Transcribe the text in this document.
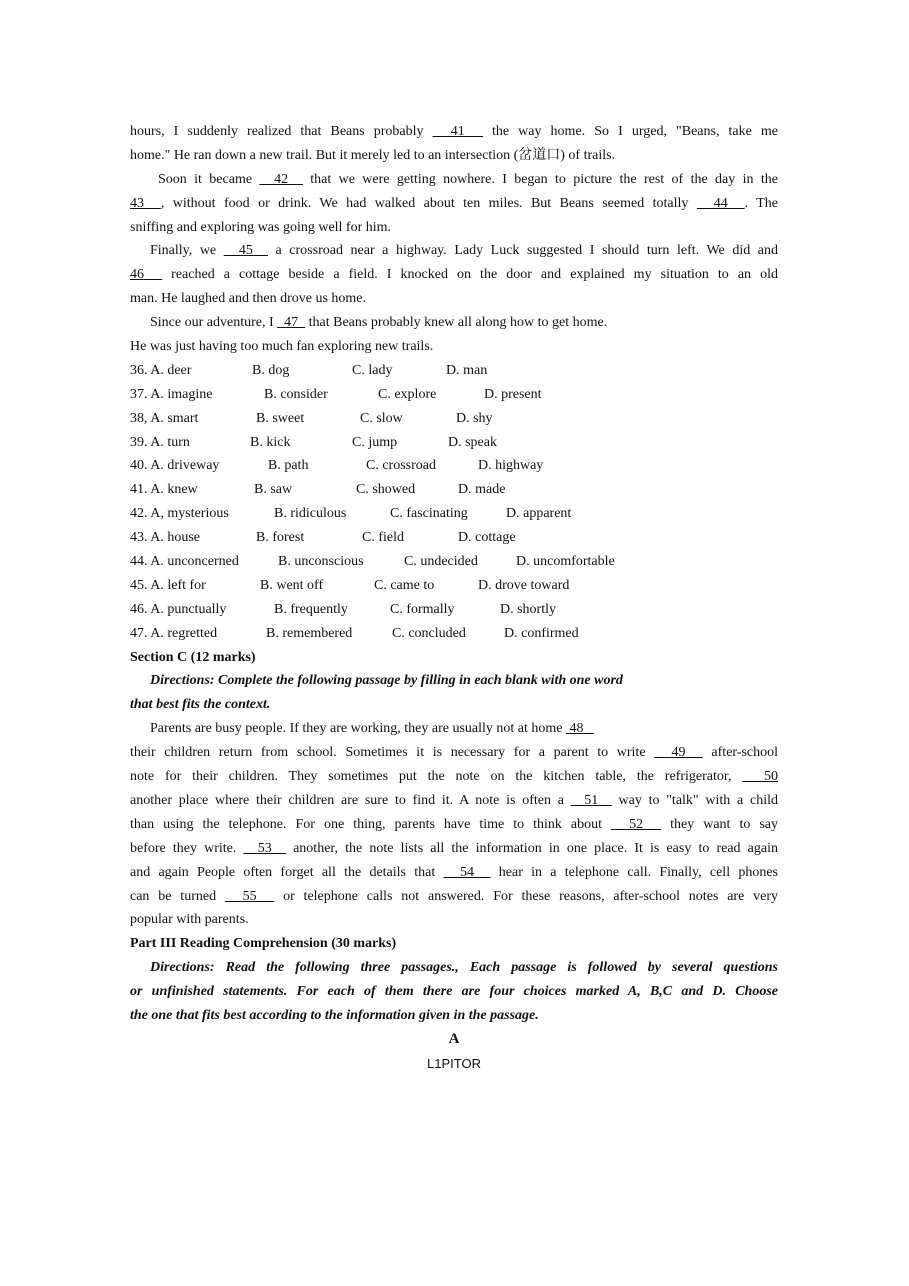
hours, I suddenly realized that Beans probably   41   the way home. So I urged, "Beans, take me
home." He ran down a new trail. But it merely led to an intersection (岔道口) of trails.
Soon it became   42   that we were getting nowhere. I began to picture the rest of the day in the
43  , without food or drink. We had walked about ten miles. But Beans seemed totally   44  . The
sniffing and exploring was going well for him.
Finally, we   45   a crossroad near a highway. Lady Luck suggested I should turn left. We did and
46   reached a cottage beside a field. I knocked on the door and explained my situation to an old
man. He laughed and then drove us home.
Since our adventure, I   47   that Beans probably knew all along how to get home.
He was just having too much fan exploring new trails.
36. A. deer	B. dog	C. lady	D. man
37. A. imagine	B. consider	C. explore	D. present
38, A. smart	B. sweet	C. slow	D. shy
39. A. turn	B. kick	C. jump	D. speak
40. A. driveway	B. path	C. crossroad	D. highway
41. A. knew	B. saw	C. showed	D. made
42. A, mysterious	B. ridiculous	C. fascinating	D. apparent
43. A. house	B. forest	C. field	D. cottage
44. A. unconcerned	B. unconscious	C. undecided	D. uncomfortable
45. A. left for	B. went off	C. came to	D. drove toward
46. A. punctually	B. frequently	C. formally	D. shortly
47. A. regretted	B. remembered	C. concluded	D. confirmed
Section C (12 marks)
Directions: Complete the following passage by filling in each blank with one word
that best fits the context.
Parents are busy people. If they are working, they are usually not at home  48
their children return from school. Sometimes it is necessary for a parent to write   49   after-school
note for their children. They sometimes put the note on the kitchen table, the refrigerator,   50
another place where their children are sure to find it. A note is often a   51   way to "talk" with a child
than using the telephone. For one thing, parents have time to think about   52   they want to say
before they write.   53   another, the note lists all the information in one place. It is easy to read again
and again People often forget all the details that   54   hear in a telephone call. Finally, cell phones
can be turned   55   or telephone calls not answered. For these reasons, after-school notes are very
popular with parents.
Part III Reading Comprehension (30 marks)
Directions: Read the following three passages., Each passage is followed by several questions
or unfinished statements. For each of them there are four choices marked A, B,C and D. Choose
the one that fits best according to the information given in the passage.
A
L1PITOR
